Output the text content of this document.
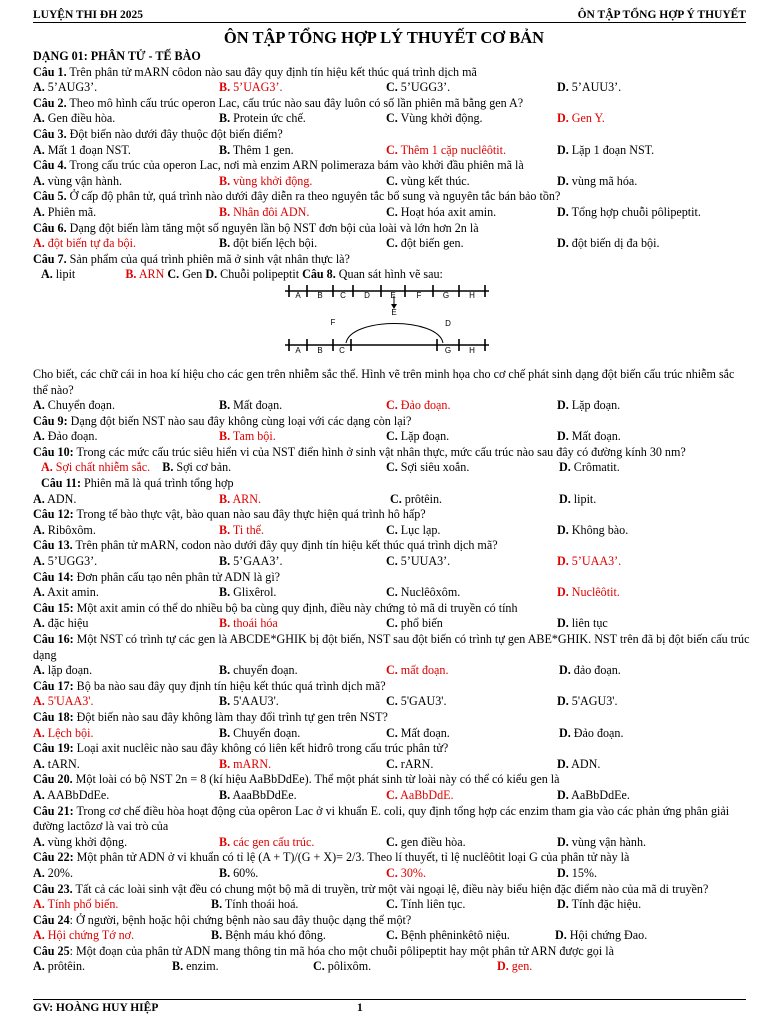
LUYỆN THI ĐH 2025	ÔN TẬP TỔNG HỢP Ý THUYẾT
ÔN TẬP TỔNG HỢP LÝ THUYẾT CƠ BẢN
DẠNG 01: PHÂN TỬ - TẾ BÀO
Câu 1. Trên phân tử mARN côdon nào sau đây quy định tín hiệu kết thúc quá trình dịch mã
A. 5’AUG3’.	B. 5’UAG3’.	C. 5’UGG3’.	D. 5’AUU3’.
Câu 2. Theo mô hình cấu trúc operon Lac, cấu trúc nào sau đây luôn có số lần phiên mã bằng gen A?
A. Gen điều hòa.	B. Protein ức chế.	C. Vùng khởi động.	D. Gen Y.
Câu 3. Đột biến nào dưới đây thuộc đột biến điểm?
A. Mất 1 đoạn NST.	B. Thêm 1 gen.	C. Thêm 1 cặp nuclêôtit.	D. Lặp 1 đoạn NST.
Câu 4. Trong cấu trúc của operon Lac, nơi mà enzim ARN polimeraza bám vào khởi đầu phiên mã là
A. vùng vận hành.	B. vùng khởi động.	C. vùng kết thúc.	D. vùng mã hóa.
Câu 5. Ở cấp độ phân tử, quá trình nào dưới đây diễn ra theo nguyên tắc bổ sung và nguyên tắc bán bảo tồn?
A. Phiên mã.	B. Nhân đôi ADN.	C. Hoạt hóa axit amin.	D. Tổng hợp chuỗi pôlipeptit.
Câu 6. Dạng đột biến làm tăng một số nguyên lần bộ NST đơn bội của loài và lớn hơn 2n là
A. đột biến tự đa bội.	B. đột biến lệch bội.	C. đột biến gen.	D. đột biến dị đa bội.
Câu 7. Sản phẩm của quá trình phiên mã ở sinh vật nhân thực là?
A. lipit	B. ARN C. Gen D. Chuỗi polipeptit Câu 8. Quan sát hình vẽ sau:
A B C D	E	F	G H
A B C	G H
F	D
E
Cho biết, các chữ cái in hoa kí hiệu cho các gen trên nhiễm sắc thể. Hình vẽ trên minh họa cho cơ chế phát sinh dạng đột biến cấu trúc nhiễm sắc thể nào?
A. Chuyển đoạn.	B. Mất đoạn.	C. Đảo đoạn.	D. Lặp đoạn.
Câu 9: Dạng đột biến NST nào sau đây không cùng loại với các dạng còn lại?
A. Đảo đoạn.	B. Tam bội.	C. Lặp đoạn.	D. Mất đoạn.
Câu 10: Trong các mức cấu trúc siêu hiển vi của NST điển hình ở sinh vật nhân thực, mức cấu trúc nào sau đây có đường kính 30 nm?
A. Sợi chất nhiễm sắc. B. Sợi cơ bản.	C. Sợi siêu xoắn.	D. Crômatit.
Câu 11: Phiên mã là quá trình tổng hợp
A. ADN.	B. ARN.	C. prôtêin.	D. lipit.
Câu 12: Trong tế bào thực vật, bào quan nào sau đây thực hiện quá trình hô hấp?
A. Ribôxôm.	B. Ti thể.	C. Lục lạp.	D. Không bào.
Câu 13. Trên phân tử mARN, codon nào dưới đây quy định tín hiệu kết thúc quá trình dịch mã?
A. 5’UGG3’.	B. 5’GAA3’.	C. 5’UUA3’.	D. 5’UAA3’.
Câu 14: Đơn phân cấu tạo nên phân tử ADN là gì?
A. Axit amin.	B. Glixêrol.	C. Nuclêôxôm.	D. Nuclêôtit.
Câu 15: Một axit amin có thể do nhiều bộ ba cùng quy định, điều này chứng tỏ mã di truyền có tính
A. đặc hiệu	B. thoái hóa	C. phổ biến	D. liên tục
Câu 16: Một NST có trình tự các gen là ABCDE*GHIK bị đột biến, NST sau đột biến có trình tự gen ABE*GHIK. NST trên đã bị đột biến cấu trúc dạng
A. lặp đoạn.	B. chuyển đoạn.	C. mất đoạn.	D. đảo đoạn.
Câu 17: Bộ ba nào sau đây quy định tín hiệu kết thúc quá trình dịch mã?
A. 5'UAA3'.	B. 5'AAU3'.	C. 5'GAU3'.	D. 5'AGU3'.
Câu 18: Đột biến nào sau đây không làm thay đổi trình tự gen trên NST?
A. Lệch bội.	B. Chuyển đoạn.	C. Mất đoạn.	D. Đảo đoạn.
Câu 19: Loại axit nuclêic nào sau đây không có liên kết hiđrô trong cấu trúc phân tử?
A. tARN.	B. mARN.	C. rARN.	D. ADN.
Câu 20. Một loài có bộ NST 2n = 8 (kí hiệu AaBbDdEe). Thể một phát sinh từ loài này có thể có kiểu gen là
A. AABbDdEe.	B. AaaBbDdEe.	C. AaBbDdE.	D. AaBbDdEe.
Câu 21: Trong cơ chế điều hòa hoạt động của opêron Lac ở vi khuẩn E. coli, quy định tổng hợp các enzim tham gia vào các phản ứng phân giải đường lactôzơ là vai trò của
A. vùng khởi động.	B. các gen cấu trúc.	C. gen điều hòa.	D. vùng vận hành.
Câu 22: Một phân tử ADN ở vi khuẩn có tỉ lệ (A + T)/(G + X)= 2/3. Theo lí thuyết, tỉ lệ nuclêôtit loại G của phân tử này là
A. 20%.	B. 60%.	C. 30%.	D. 15%.
Câu 23. Tất cả các loài sinh vật đều có chung một bộ mã di truyền, trừ một vài ngoại lệ, điều này biểu hiện đặc điểm nào của mã di truyền?
A. Tính phổ biến.	B. Tính thoái hoá.	C. Tính liên tục.	D. Tính đặc hiệu.
Câu 24: Ở người, bệnh hoặc hội chứng bệnh nào sau đây thuộc dạng thể một?
A. Hội chứng Tớ nơ.	B. Bệnh máu khó đông.	C. Bệnh phêninkêtô niệu.	D. Hội chứng Đao.
Câu 25: Một đoạn của phân tử ADN mang thông tin mã hóa cho một chuỗi pôlipeptit hay một phân tử ARN được gọi là
A. prôtêin.	B. enzim.	C. pôlixôm.	D. gen.
GV: HOÀNG HUY HIỆP	1
